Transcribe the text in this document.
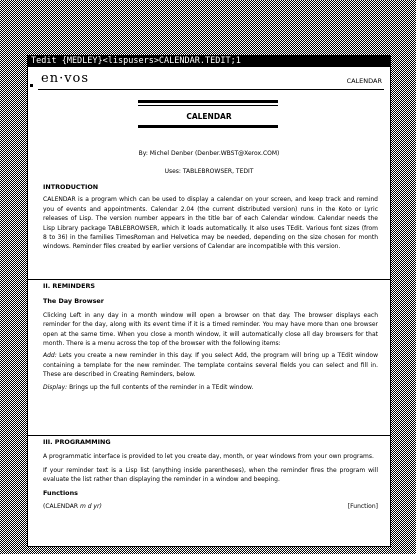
Tedit {MEDLEY}<lispusers>CALENDAR.TEDIT;1
en·vos	CALENDAR
CALENDAR
By: Michel Denber (Denber.WBST@Xerox.COM)
Uses: TABLEBROWSER, TEDIT
INTRODUCTION

CALENDAR is a program which can be used to display a calendar on your screen, and keep track and remind you of events and appointments. Calendar 2.04 (the current distributed version) runs in the Koto or Lyric releases of Lisp. The version number appears in the title bar of each Calendar window. Calendar needs the Lisp Library package TABLEBROWSER, which it loads automatically. It also uses TEdit. Various font sizes (from 8 to 36) in the families TimesRoman and Helvetica may be needed, depending on the size chosen for month windows. Reminder files created by earlier versions of Calendar are incompatible with this version.

II. REMINDERS
The Day Browser

Clicking Left in any day in a month window will open a browser on that day. The browser displays each reminder for the day, along with its event time if it is a timed reminder. You may have more than one browser open at the same time. When you close a month window, it will automatically close all day browsers for that month. There is a menu across the top of the browser with the following items:

Add: Lets you create a new reminder in this day. If you select Add, the program will bring up a TEdit window containing a template for the new reminder. The template contains several fields you can select and fill in. These are described in Creating Reminders, below.

Display: Brings up the full contents of the reminder in a TEdit window.

III. PROGRAMMING

A programmatic interface is provided to let you create day, month, or year windows from your own programs.

If your reminder text is a Lisp list (anything inside parentheses), when the reminder fires the program will evaluate the list rather than displaying the reminder in a window and beeping.

Functions
(CALENDAR m d yr)	[Function]
